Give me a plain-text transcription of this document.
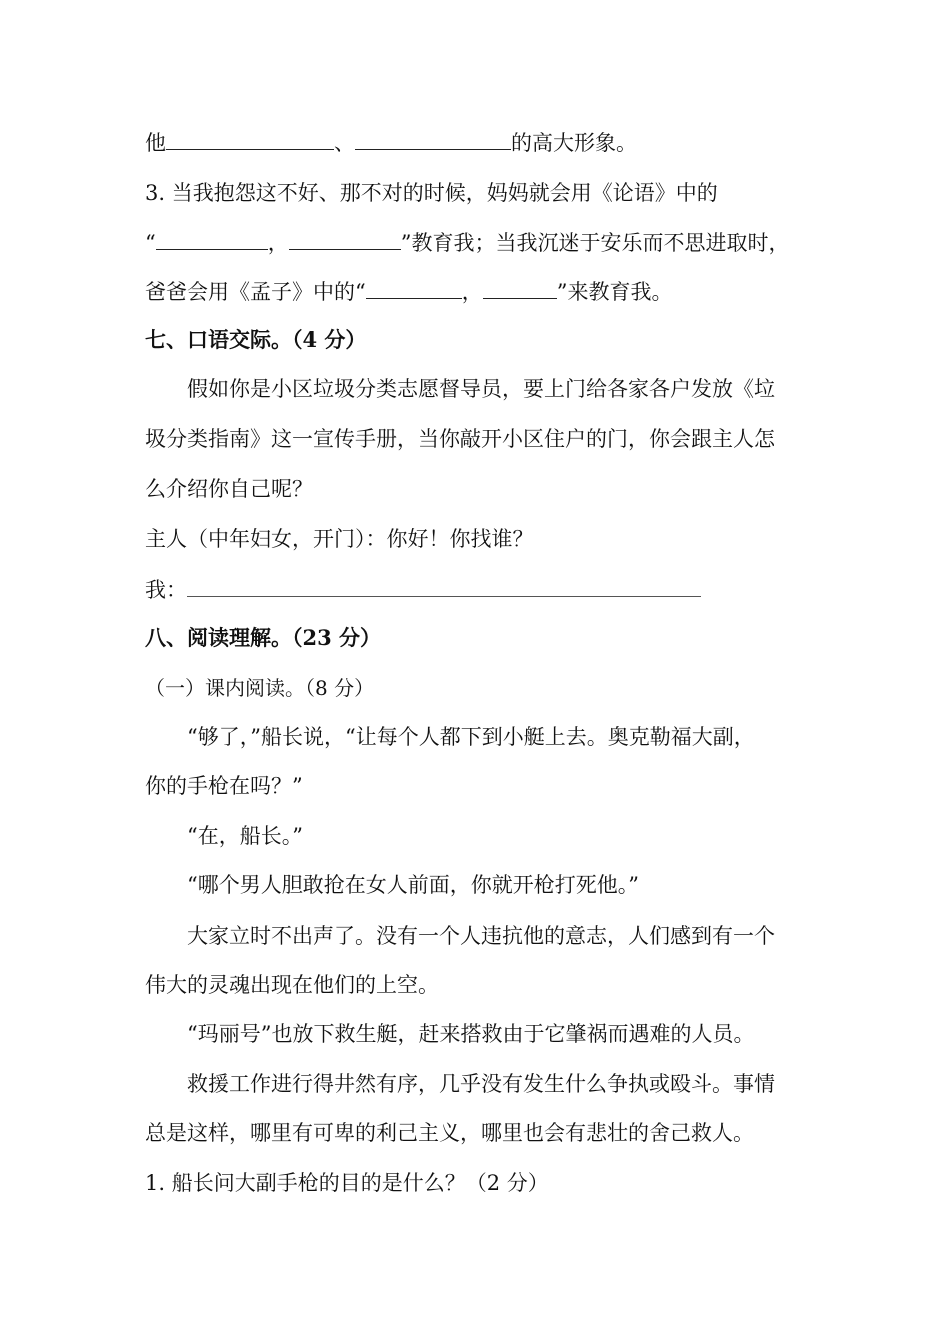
他	、	的高大形象。
3. 当我抱怨这不好、那不对的时候，妈妈就会用《论语》中的
“	，	”教育我；当我沉迷于安乐而不思进取时，
爸爸会用《孟子》中的“	，	”来教育我。
七、口语交际。（4 分）
假如你是小区垃圾分类志愿督导员，要上门给各家各户发放《垃
圾分类指南》这一宣传手册，当你敲开小区住户的门，你会跟主人怎
么介绍你自己呢？
主人（中年妇女，开门）：你好！你找谁？
我：
八、阅读理解。（23 分）
（一）课内阅读。（8 分）
“够了，”船长说，“让每个人都下到小艇上去。奥克勒福大副，
你的手枪在吗？”
“在，船长。”
“哪个男人胆敢抢在女人前面，你就开枪打死他。”
大家立时不出声了。没有一个人违抗他的意志，人们感到有一个
伟大的灵魂出现在他们的上空。
“玛丽号”也放下救生艇，赶来搭救由于它肇祸而遇难的人员。
救援工作进行得井然有序，几乎没有发生什么争执或殴斗。事情
总是这样，哪里有可卑的利己主义，哪里也会有悲壮的舍己救人。
1. 船长问大副手枪的目的是什么？（2 分）
